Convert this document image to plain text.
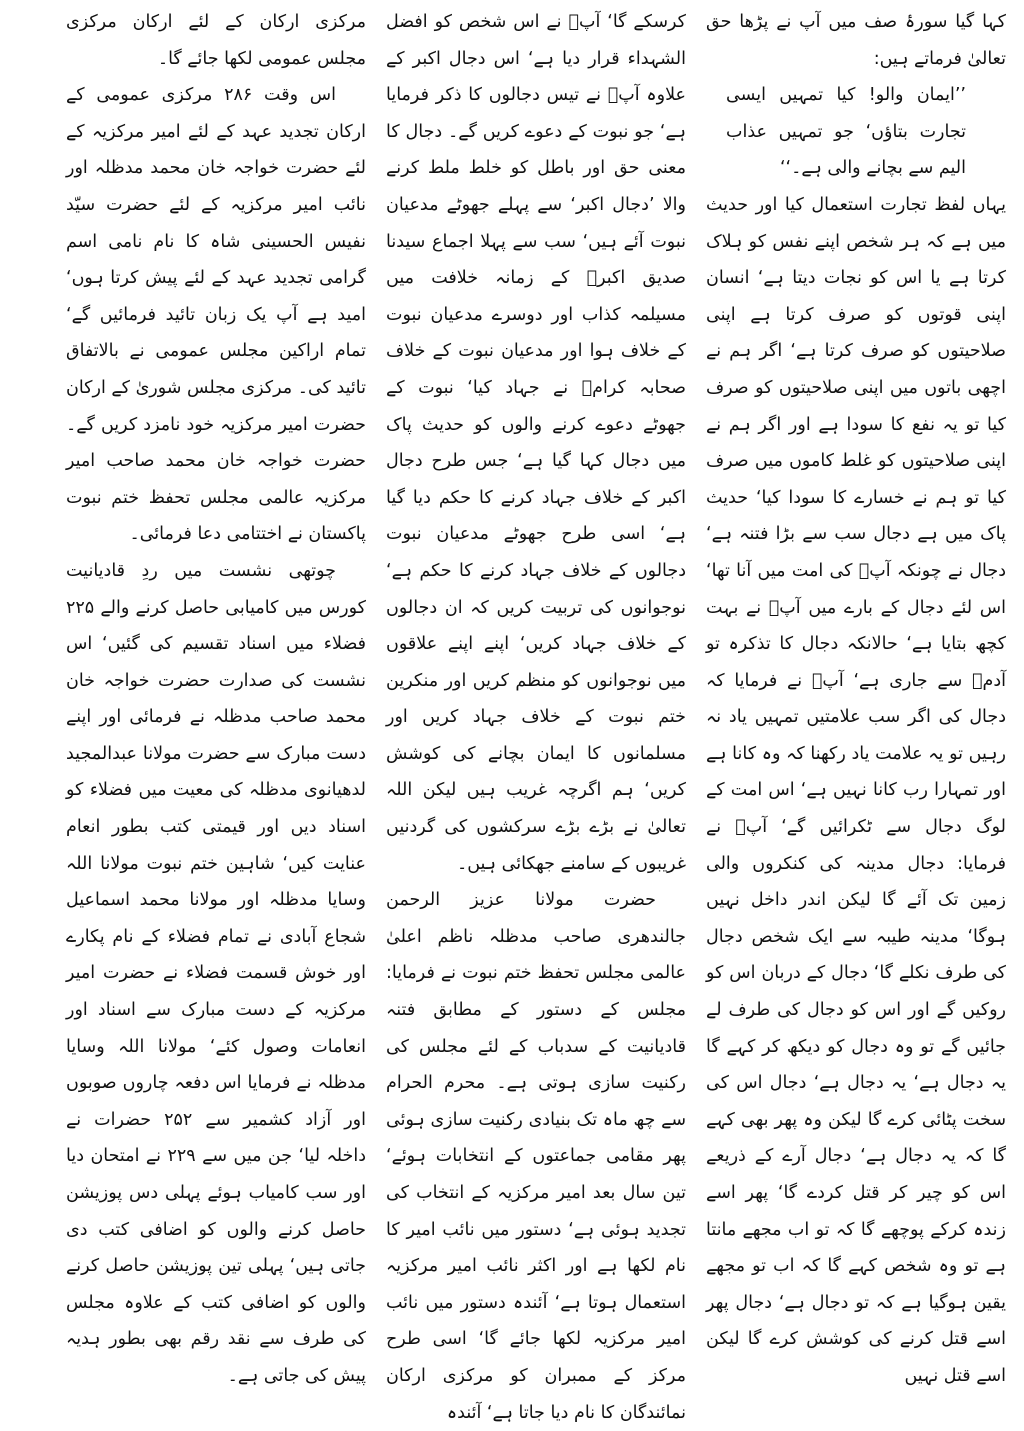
کہا گیا سورۂ صف میں آپ نے پڑھا حق تعالیٰ فرماتے ہیں:

’’ایمان والو! کیا تمہیں ایسی تجارت بتاؤں‘ جو تمہیں عذاب الیم سے بچانے والی ہے۔‘‘

یہاں لفظ تجارت استعمال کیا اور حدیث میں ہے کہ ہر شخص اپنے نفس کو ہلاک کرتا ہے یا اس کو نجات دیتا ہے‘ انسان اپنی قوتوں کو صرف کرتا ہے اپنی صلاحیتوں کو صرف کرتا ہے‘ اگر ہم نے اچھی باتوں میں اپنی صلاحیتوں کو صرف کیا تو یہ نفع کا سودا ہے اور اگر ہم نے اپنی صلاحیتوں کو غلط کاموں میں صرف کیا تو ہم نے خسارے کا سودا کیا‘ حدیث پاک میں ہے دجال سب سے بڑا فتنہ ہے‘ دجال نے چونکہ آپؐ کی امت میں آنا تھا‘ اس لئے دجال کے بارے میں آپؐ نے بہت کچھ بتایا ہے‘ حالانکہ دجال کا تذکرہ تو آدمؑ سے جاری ہے‘ آپؐ نے فرمایا کہ دجال کی اگر سب علامتیں تمہیں یاد نہ رہیں تو یہ علامت یاد رکھنا کہ وہ کانا ہے اور تمہارا رب کانا نہیں ہے‘ اس امت کے لوگ دجال سے ٹکرائیں گے‘ آپؐ نے فرمایا: دجال مدینہ کی کنکروں والی زمین تک آئے گا لیکن اندر داخل نہیں ہوگا‘ مدینہ طیبہ سے ایک شخص دجال کی طرف نکلے گا‘ دجال کے دربان اس کو روکیں گے اور اس کو دجال کی طرف لے جائیں گے تو وہ دجال کو دیکھ کر کہے گا یہ دجال ہے‘ یہ دجال ہے‘ دجال اس کی سخت پٹائی کرے گا لیکن وہ پھر بھی کہے گا کہ یہ دجال ہے‘ دجال آرے کے ذریعے اس کو چیر کر قتل کردے گا‘ پھر اسے زندہ کرکے پوچھے گا کہ تو اب مجھے مانتا ہے تو وہ شخص کہے گا کہ اب تو مجھے یقین ہوگیا ہے کہ تو دجال ہے‘ دجال پھر اسے قتل کرنے کی کوشش کرے گا لیکن اسے قتل نہیں

کرسکے گا‘ آپؐ نے اس شخص کو افضل الشہداء قرار دیا ہے‘ اس دجال اکبر کے علاوہ آپؐ نے تیس دجالوں کا ذکر فرمایا ہے‘ جو نبوت کے دعوے کریں گے۔ دجال کا معنی حق اور باطل کو خلط ملط کرنے والا ’دجال اکبر‘ سے پہلے جھوٹے مدعیان نبوت آئے ہیں‘ سب سے پہلا اجماع سیدنا صدیق اکبرؓ کے زمانہ خلافت میں مسیلمہ کذاب اور دوسرے مدعیان نبوت کے خلاف ہوا اور مدعیان نبوت کے خلاف صحابہ کرامؓ نے جہاد کیا‘ نبوت کے جھوٹے دعوے کرنے والوں کو حدیث پاک میں دجال کہا گیا ہے‘ جس طرح دجال اکبر کے خلاف جہاد کرنے کا حکم دیا گیا ہے‘ اسی طرح جھوٹے مدعیان نبوت دجالوں کے خلاف جہاد کرنے کا حکم ہے‘ نوجوانوں کی تربیت کریں کہ ان دجالوں کے خلاف جہاد کریں‘ اپنے اپنے علاقوں میں نوجوانوں کو منظم کریں اور منکرین ختم نبوت کے خلاف جہاد کریں اور مسلمانوں کا ایمان بچانے کی کوشش کریں‘ ہم اگرچہ غریب ہیں لیکن اللہ تعالیٰ نے بڑے بڑے سرکشوں کی گردنیں غریبوں کے سامنے جھکائی ہیں۔

حضرت مولانا عزیز الرحمن جالندھری صاحب مدظلہ ناظم اعلیٰ عالمی مجلس تحفظ ختم نبوت نے فرمایا: مجلس کے دستور کے مطابق فتنہ قادیانیت کے سدباب کے لئے مجلس کی رکنیت سازی ہوتی ہے۔ محرم الحرام سے چھ ماہ تک بنیادی رکنیت سازی ہوئی پھر مقامی جماعتوں کے انتخابات ہوئے‘ تین سال بعد امیر مرکزیہ کے انتخاب کی تجدید ہوئی ہے‘ دستور میں نائب امیر کا نام لکھا ہے اور اکثر نائب امیر مرکزیہ استعمال ہوتا ہے‘ آئندہ دستور میں نائب امیر مرکزیہ لکھا جائے گا‘ اسی طرح مرکز کے ممبران کو مرکزی ارکان نمائندگان کا نام دیا جاتا ہے‘ آئندہ

مرکزی ارکان کے لئے ارکان مرکزی مجلس عمومی لکھا جائے گا۔

اس وقت ۲۸۶ مرکزی عمومی کے ارکان تجدید عہد کے لئے امیر مرکزیہ کے لئے حضرت خواجہ خان محمد مدظلہ اور نائب امیر مرکزیہ کے لئے حضرت سیّد نفیس الحسینی شاہ کا نام نامی اسم گرامی تجدید عہد کے لئے پیش کرتا ہوں‘ امید ہے آپ یک زبان تائید فرمائیں گے‘ تمام اراکین مجلس عمومی نے بالاتفاق تائید کی۔ مرکزی مجلس شوریٰ کے ارکان حضرت امیر مرکزیہ خود نامزد کریں گے۔ حضرت خواجہ خان محمد صاحب امیر مرکزیہ عالمی مجلس تحفظ ختم نبوت پاکستان نے اختتامی دعا فرمائی۔

چوتھی نشست میں ردِ قادیانیت کورس میں کامیابی حاصل کرنے والے ۲۲۵ فضلاء میں اسناد تقسیم کی گئیں‘ اس نشست کی صدارت حضرت خواجہ خان محمد صاحب مدظلہ نے فرمائی اور اپنے دست مبارک سے حضرت مولانا عبدالمجید لدھیانوی مدظلہ کی معیت میں فضلاء کو اسناد دیں اور قیمتی کتب بطور انعام عنایت کیں‘ شاہین ختم نبوت مولانا اللہ وسایا مدظلہ اور مولانا محمد اسماعیل شجاع آبادی نے تمام فضلاء کے نام پکارے اور خوش قسمت فضلاء نے حضرت امیر مرکزیہ کے دست مبارک سے اسناد اور انعامات وصول کئے‘ مولانا اللہ وسایا مدظلہ نے فرمایا اس دفعہ چاروں صوبوں اور آزاد کشمیر سے ۲۵۲ حضرات نے داخلہ لیا‘ جن میں سے ۲۲۹ نے امتحان دیا اور سب کامیاب ہوئے پہلی دس پوزیشن حاصل کرنے والوں کو اضافی کتب دی جاتی ہیں‘ پہلی تین پوزیشن حاصل کرنے والوں کو اضافی کتب کے علاوہ مجلس کی طرف سے نقد رقم بھی بطور ہدیہ پیش کی جاتی ہے۔
